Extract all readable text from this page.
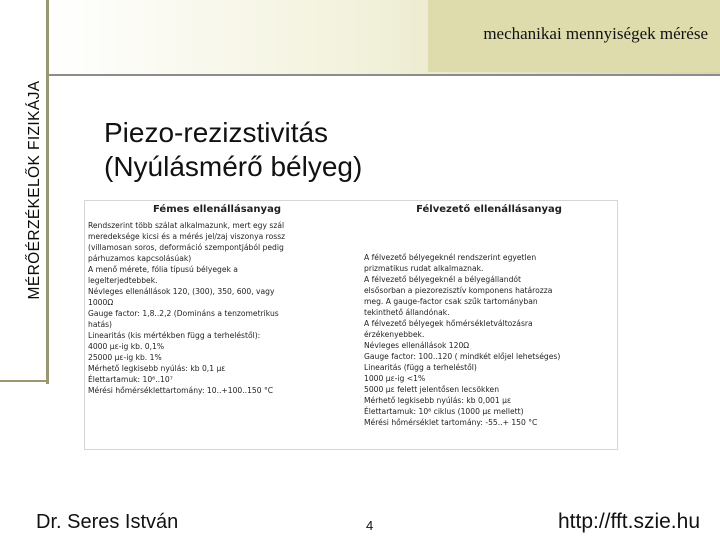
MÉRŐÉRZÉKELŐK FIZIKÁJA
mechanikai mennyiségek mérése
Piezo-rezizstivitás
(Nyúlásmérő bélyeg)
Fémes ellenállásanyag
Rendszerint több szálat alkalmazunk, mert egy szál
meredeksége kicsi és a mérés jel/zaj viszonya rossz
(villamosan soros, deformáció szempontjából pedig
párhuzamos kapcsolásúak)
A menő mérete, fólia típusú bélyegek a
legelterjedtebbek.
Névleges ellenállások 120, (300), 350, 600, vagy
1000Ω
Gauge factor: 1,8..2,2 (Domináns a tenzometrikus
hatás)
Linearitás (kis mértékben függ a terheléstől):
4000 με-ig kb. 0,1%
25000 με-ig kb. 1%
Mérhető legkisebb nyúlás: kb 0,1 με
Élettartamuk: 10⁶..10⁷
Mérési hőmérséklettartomány: 10..+100..150 °C
Félvezető ellenállásanyag
A félvezető bélyegeknél rendszerint egyetlen
prizmatikus rudat alkalmaznak.
A félvezető bélyegeknél a bélyegállandót
elsősorban a piezorezisztív komponens határozza
meg. A gauge-factor csak szűk tartományban
tekinthető állandónak.
A félvezető bélyegek hőmérsékletváltozásra
érzékenyebbek.
Névleges ellenállások 120Ω
Gauge factor: 100..120 ( mindkét előjel lehetséges)
Linearitás (függ a terheléstől)
1000 με-ig <1%
5000 με felett jelentősen lecsökken
Mérhető legkisebb nyúlás: kb 0,001 με
Élettartamuk: 10⁶ ciklus (1000 με mellett)
Mérési hőmérséklet tartomány: -55..+ 150 °C
Dr. Seres István	4	http://fft.szie.hu
